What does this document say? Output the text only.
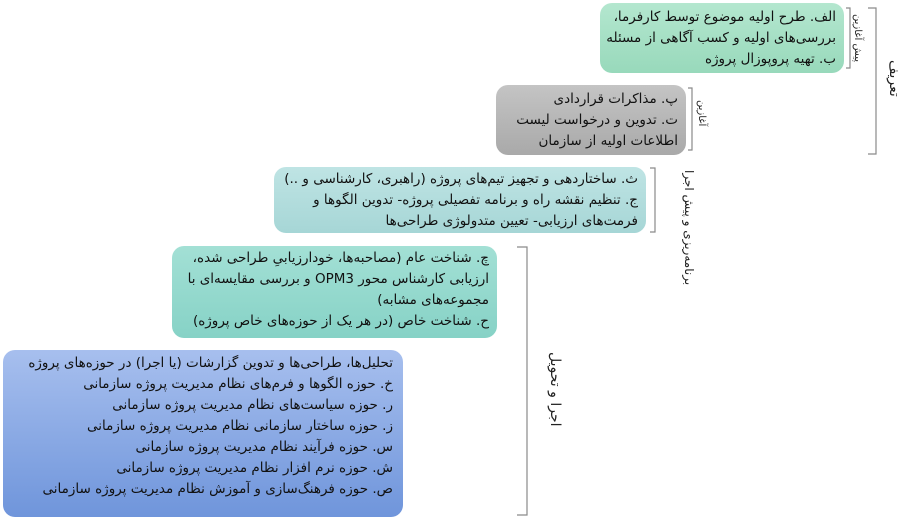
تعریف
پیش آغازین
آغازین
برنامه‌ریزی و پیش اجرا
اجرا و تحویل
الف. طرح اولیه موضوع توسط کارفرما،
بررسی‌های اولیه و کسب آگاهی از مسئله
ب. تهیه پروپوزال پروژه
پ. مذاکرات قراردادی
ت. تدوین و درخواست لیست
اطلاعات اولیه از سازمان
ث. ساختاردهی و تجهیز تیم‌های پروژه (راهبری، کارشناسی و ..)
ج. تنظیم نقشه راه و برنامه تفصیلی پروژه- تدوین الگوها و
فرمت‌های ارزیابی- تعیین متدولوژی طراحی‌ها
چ. شناخت عام (مصاحبه‌ها، خودارزیابیِ طراحی شده،
ارزیابی کارشناس محور OPM3 و بررسی مقایسه‌ای با
مجموعه‌های مشابه)
ح. شناخت خاص (در هر یک از حوزه‌های خاص پروژه)
تحلیل‌ها، طراحی‌ها و تدوین گزارشات (یا اجرا) در حوزه‌های پروژه
خ. حوزه الگوها و فرم‌های نظام مدیریت پروژه سازمانی
ر. حوزه سیاست‌های نظام مدیریت پروژه سازمانی
ز. حوزه ساختار سازمانی نظام مدیریت پروژه سازمانی
س. حوزه فرآیند نظام مدیریت پروژه سازمانی
ش. حوزه نرم افزار نظام مدیریت پروژه سازمانی
ص. حوزه فرهنگ‌سازی و آموزش نظام مدیریت پروژه سازمانی
